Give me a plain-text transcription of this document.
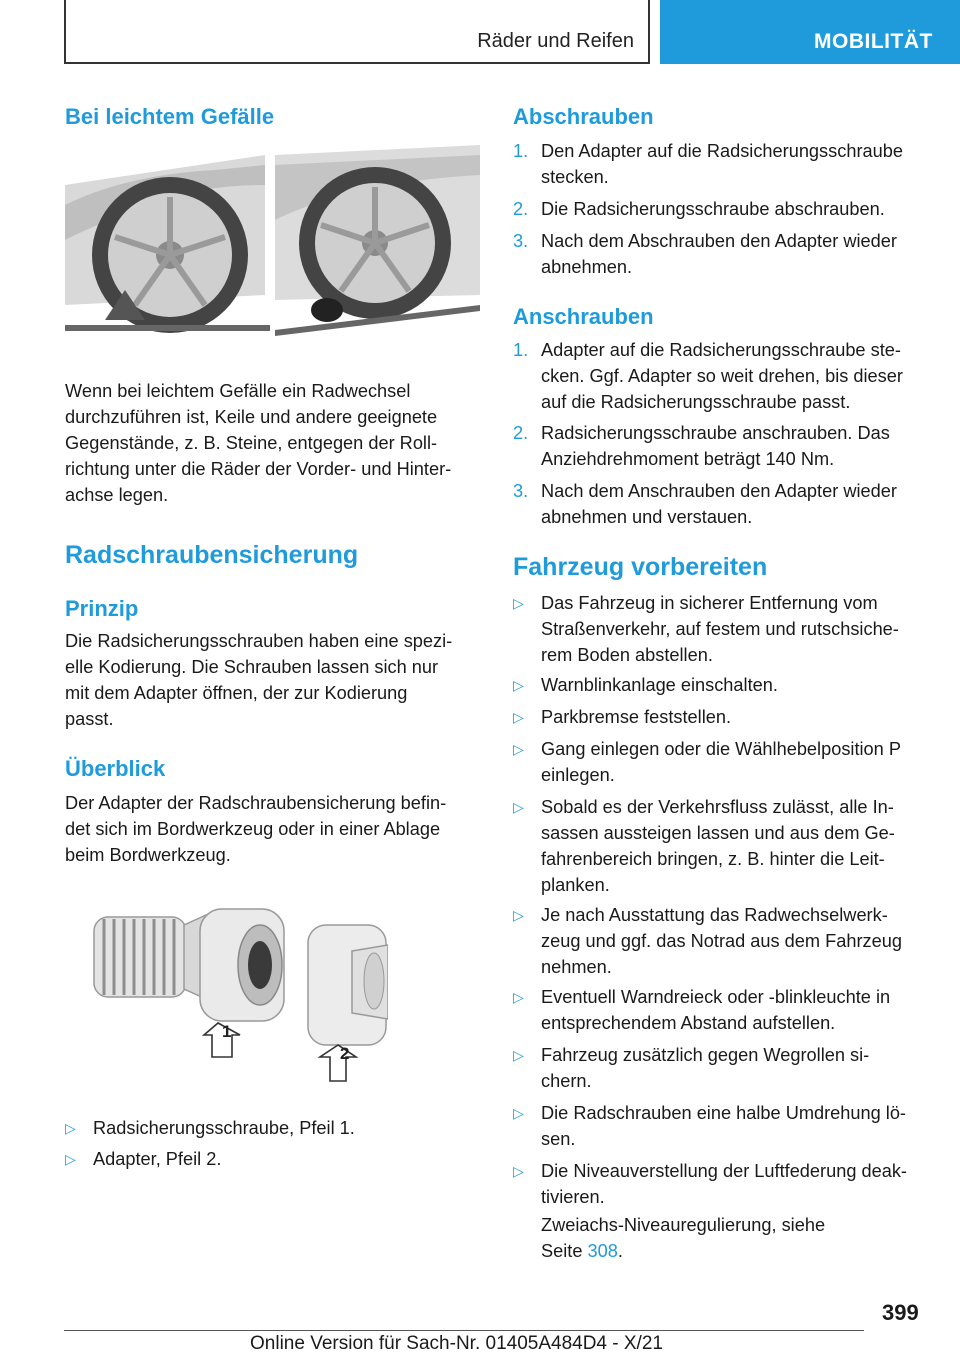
Räder und Reifen	MOBILITÄT
Bei leichtem Gefälle
Wenn bei leichtem Gefälle ein Radwechsel
durchzuführen ist, Keile und andere geeignete
Gegenstände, z. B. Steine, entgegen der Roll-
richtung unter die Räder der Vorder- und Hinter-
achse legen.
Radschraubensicherung
Prinzip
Die Radsicherungsschrauben haben eine spezi-
elle Kodierung. Die Schrauben lassen sich nur
mit dem Adapter öffnen, der zur Kodierung
passt.
Überblick
Der Adapter der Radschraubensicherung befin-
det sich im Bordwerkzeug oder in einer Ablage
beim Bordwerkzeug.
1
2
▷ Radsicherungsschraube, Pfeil 1.
▷ Adapter, Pfeil 2.
Abschrauben
1. Den Adapter auf die Radsicherungsschraube
stecken.
2. Die Radsicherungsschraube abschrauben.
3. Nach dem Abschrauben den Adapter wieder
abnehmen.
Anschrauben
1. Adapter auf die Radsicherungsschraube ste-
cken. Ggf. Adapter so weit drehen, bis dieser
auf die Radsicherungsschraube passt.
2. Radsicherungsschraube anschrauben. Das
Anziehdrehmoment beträgt 140 Nm.
3. Nach dem Anschrauben den Adapter wieder
abnehmen und verstauen.
Fahrzeug vorbereiten
▷ Das Fahrzeug in sicherer Entfernung vom
Straßenverkehr, auf festem und rutschsiche-
rem Boden abstellen.
▷ Warnblinkanlage einschalten.
▷ Parkbremse feststellen.
▷ Gang einlegen oder die Wählhebelposition P
einlegen.
▷ Sobald es der Verkehrsfluss zulässt, alle In-
sassen aussteigen lassen und aus dem Ge-
fahrenbereich bringen, z. B. hinter die Leit-
planken.
▷ Je nach Ausstattung das Radwechselwerk-
zeug und ggf. das Notrad aus dem Fahrzeug
nehmen.
▷ Eventuell Warndreieck oder -blinkleuchte in
entsprechendem Abstand aufstellen.
▷ Fahrzeug zusätzlich gegen Wegrollen si-
chern.
▷ Die Radschrauben eine halbe Umdrehung lö-
sen.
▷ Die Niveauverstellung der Luftfederung deak-
tivieren.
Zweiachs-Niveauregulierung, siehe
Seite 308.
399
Online Version für Sach-Nr. 01405A484D4 - X/21
